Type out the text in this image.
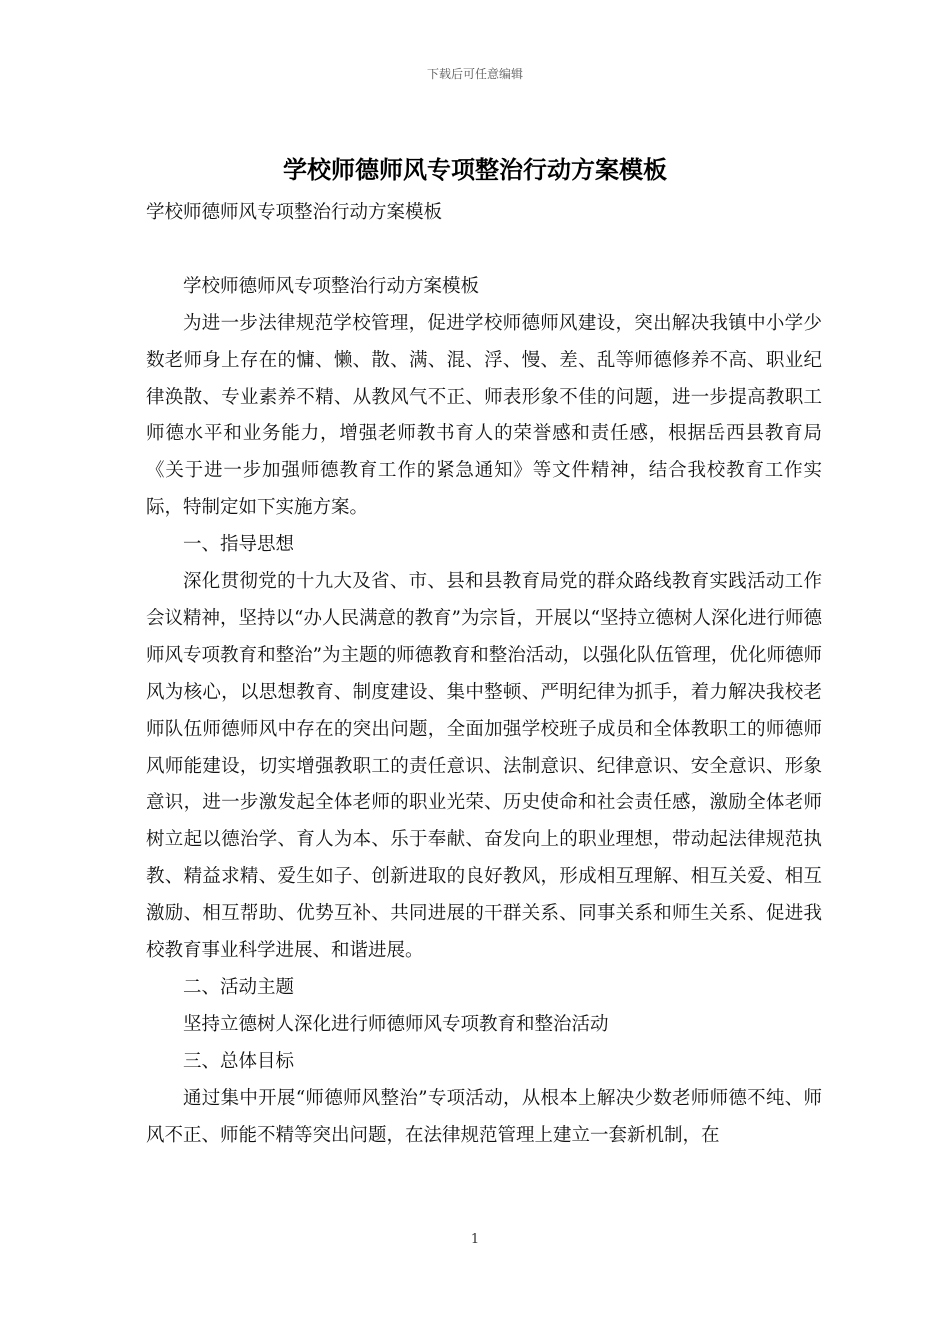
下载后可任意编辑
学校师德师风专项整治行动方案模板

学校师德师风专项整治行动方案模板

学校师德师风专项整治行动方案模板

为进一步法律规范学校管理，促进学校师德师风建设，突出解决我镇中小学少数老师身上存在的慵、懒、散、满、混、浮、慢、差、乱等师德修养不高、职业纪律涣散、专业素养不精、从教风气不正、师表形象不佳的问题，进一步提高教职工师德水平和业务能力，增强老师教书育人的荣誉感和责任感，根据岳西县教育局《关于进一步加强师德教育工作的紧急通知》等文件精神，结合我校教育工作实际，特制定如下实施方案。

一、指导思想

深化贯彻党的十九大及省、市、县和县教育局党的群众路线教育实践活动工作会议精神，坚持以“办人民满意的教育”为宗旨，开展以“坚持立德树人深化进行师德师风专项教育和整治”为主题的师德教育和整治活动，以强化队伍管理，优化师德师风为核心，以思想教育、制度建设、集中整顿、严明纪律为抓手，着力解决我校老师队伍师德师风中存在的突出问题，全面加强学校班子成员和全体教职工的师德师风师能建设，切实增强教职工的责任意识、法制意识、纪律意识、安全意识、形象意识，进一步激发起全体老师的职业光荣、历史使命和社会责任感，激励全体老师树立起以德治学、育人为本、乐于奉献、奋发向上的职业理想，带动起法律规范执教、精益求精、爱生如子、创新进取的良好教风，形成相互理解、相互关爱、相互激励、相互帮助、优势互补、共同进展的干群关系、同事关系和师生关系、促进我校教育事业科学进展、和谐进展。

二、活动主题

坚持立德树人深化进行师德师风专项教育和整治活动

三、总体目标

通过集中开展“师德师风整治”专项活动，从根本上解决少数老师师德不纯、师风不正、师能不精等突出问题，在法律规范管理上建立一套新机制，在

1
